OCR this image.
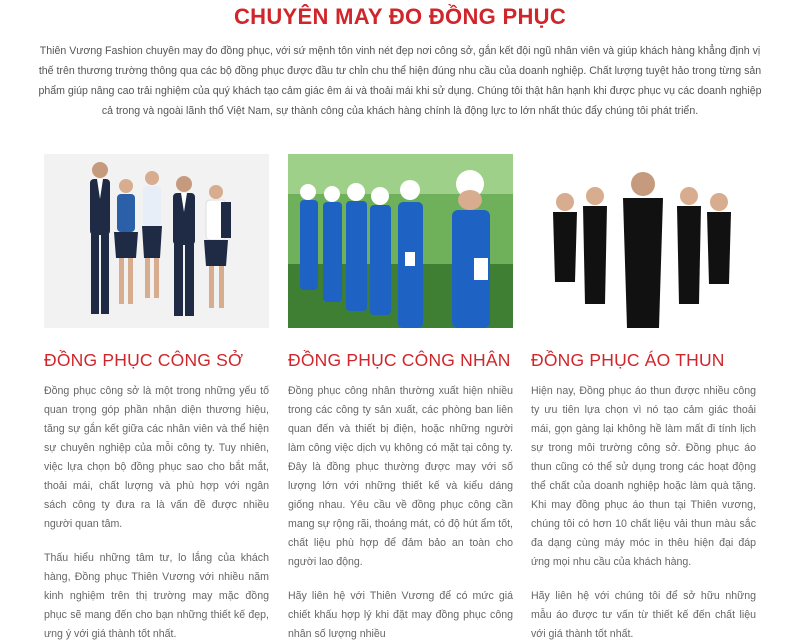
CHUYÊN MAY ĐO ĐỒNG PHỤC

Thiên Vương Fashion chuyên may đo đồng phục, với sứ mệnh tôn vinh nét đẹp nơi công sở, gắn kết đội ngũ nhân viên và giúp khách hàng khẳng định vị thế trên thương trường thông qua các bộ đồng phục được đầu tư chỉn chu thể hiện đúng nhu cầu của doanh nghiệp. Chất lượng tuyệt hảo trong từng sản phẩm giúp nâng cao trải nghiệm của quý khách tạo cảm giác êm ái và thoải mái khi sử dụng. Chúng tôi thật hân hạnh khi được phục vụ các doanh nghiệp cả trong và ngoài lãnh thổ Việt Nam, sự thành công của khách hàng chính là động lực to lớn nhất thúc đẩy chúng tôi phát triển.

ĐỒNG PHỤC CÔNG SỞ

Đồng phục công sở là một trong những yếu tố quan trọng góp phần nhận diện thương hiệu, tăng sự gắn kết giữa các nhân viên và thể hiện sự chuyên nghiệp của mỗi công ty. Tuy nhiên, việc lựa chọn bộ đồng phục sao cho bắt mắt, thoải mái, chất lượng và phù hợp với ngân sách công ty đưa ra là vấn đề được nhiều người quan tâm.

Thấu hiểu những tâm tư, lo lắng của khách hàng, Đồng phục Thiên Vương với nhiều năm kinh nghiệm trên thị trường may mặc đồng phục sẽ mang đến cho bạn những thiết kế đẹp, ưng ý với giá thành tốt nhất.

ĐỒNG PHỤC CÔNG NHÂN

Đồng phục công nhân thường xuất hiện nhiều trong các công ty sản xuất, các phòng ban liên quan đến và thiết bị điện, hoặc những người làm công việc dịch vụ không có mặt tại công ty. Đây là đồng phục thường được may với số lượng lớn với những thiết kế và kiểu dáng giống nhau. Yêu cầu về đồng phục công cần mang sự rộng rãi, thoáng mát, có độ hút ẩm tốt, chất liệu phù hợp để đảm bảo an toàn cho người lao động.

Hãy liên hệ với Thiên Vương để có mức giá chiết khấu hợp lý khi đặt may đồng phục công nhân số lượng nhiều

ĐỒNG PHỤC ÁO THUN

Hiện nay, Đồng phục áo thun được nhiều công ty ưu tiên lựa chọn vì nó tạo cảm giác thoải mái, gọn gàng lại không hề làm mất đi tính lịch sự trong môi trường công sở. Đồng phục áo thun cũng có thể sử dụng trong các hoạt động thể chất của doanh nghiệp hoặc làm quà tặng. Khi may đồng phục áo thun tại Thiên vương, chúng tôi có hơn 10 chất liệu vải thun màu sắc đa dạng cùng máy móc in thêu hiện đại đáp ứng mọi nhu cầu của khách hàng.

Hãy liên hệ với chúng tôi để sở hữu những mẫu áo được tư vấn từ thiết kế đến chất liệu với giá thành tốt nhất.
